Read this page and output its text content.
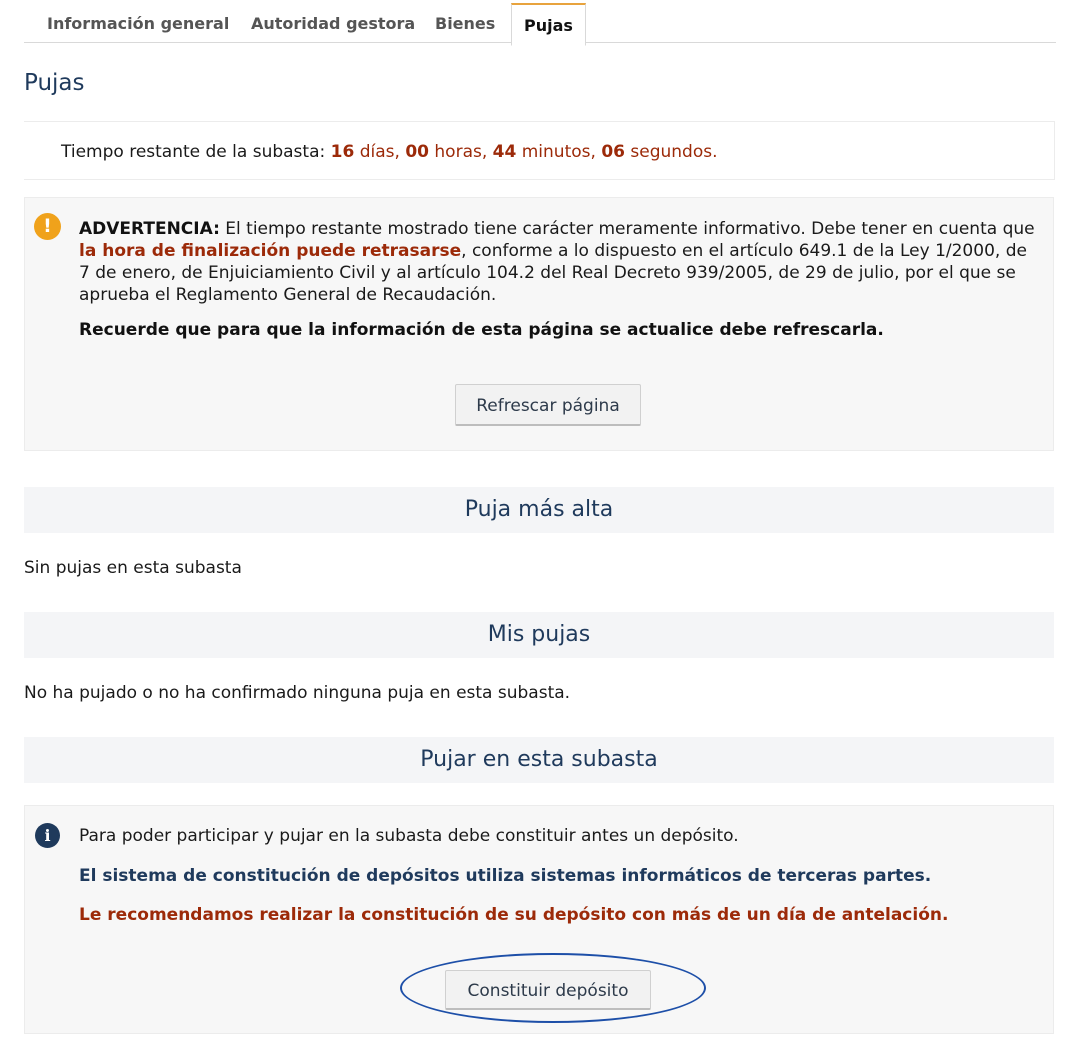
Información general Autoridad gestora Bienes	Pujas
Pujas
Tiempo restante de la subasta: 16 días, 00 horas, 44 minutos, 06 segundos.
!	ADVERTENCIA: El tiempo restante mostrado tiene carácter meramente informativo. Debe tener en cuenta que la hora de finalización puede retrasarse, conforme a lo dispuesto en el artículo 649.1 de la Ley 1/2000, de 7 de enero, de Enjuiciamiento Civil y al artículo 104.2 del Real Decreto 939/2005, de 29 de julio, por el que se aprueba el Reglamento General de Recaudación.
Recuerde que para que la información de esta página se actualice debe refrescarla.
Refrescar página
Puja más alta
Sin pujas en esta subasta
Mis pujas
No ha pujado o no ha confirmado ninguna puja en esta subasta.
Pujar en esta subasta
i	Para poder participar y pujar en la subasta debe constituir antes un depósito.
El sistema de constitución de depósitos utiliza sistemas informáticos de terceras partes.
Le recomendamos realizar la constitución de su depósito con más de un día de antelación.
Constituir depósito
